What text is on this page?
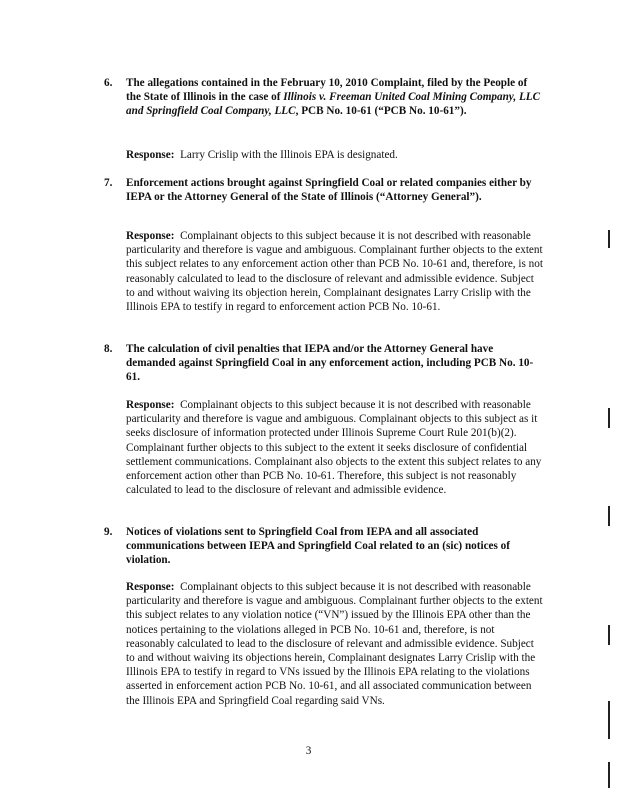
6.	The allegations contained in the February 10, 2010 Complaint, filed by the People of the State of Illinois in the case of Illinois v. Freeman United Coal Mining Company, LLC and Springfield Coal Company, LLC, PCB No. 10-61 (“PCB No. 10-61”).
Response: Larry Crislip with the Illinois EPA is designated.
7.	Enforcement actions brought against Springfield Coal or related companies either by IEPA or the Attorney General of the State of Illinois (“Attorney General”).
Response: Complainant objects to this subject because it is not described with reasonable particularity and therefore is vague and ambiguous. Complainant further objects to the extent this subject relates to any enforcement action other than PCB No. 10-61 and, therefore, is not reasonably calculated to lead to the disclosure of relevant and admissible evidence. Subject to and without waiving its objection herein, Complainant designates Larry Crislip with the Illinois EPA to testify in regard to enforcement action PCB No. 10-61.
8.	The calculation of civil penalties that IEPA and/or the Attorney General have demanded against Springfield Coal in any enforcement action, including PCB No. 10-61.
Response: Complainant objects to this subject because it is not described with reasonable particularity and therefore is vague and ambiguous. Complainant objects to this subject as it seeks disclosure of information protected under Illinois Supreme Court Rule 201(b)(2). Complainant further objects to this subject to the extent it seeks disclosure of confidential settlement communications. Complainant also objects to the extent this subject relates to any enforcement action other than PCB No. 10-61. Therefore, this subject is not reasonably calculated to lead to the disclosure of relevant and admissible evidence.
9.	Notices of violations sent to Springfield Coal from IEPA and all associated communications between IEPA and Springfield Coal related to an (sic) notices of violation.
Response: Complainant objects to this subject because it is not described with reasonable particularity and therefore is vague and ambiguous. Complainant further objects to the extent this subject relates to any violation notice (“VN”) issued by the Illinois EPA other than the notices pertaining to the violations alleged in PCB No. 10-61 and, therefore, is not reasonably calculated to lead to the disclosure of relevant and admissible evidence. Subject to and without waiving its objections herein, Complainant designates Larry Crislip with the Illinois EPA to testify in regard to VNs issued by the Illinois EPA relating to the violations asserted in enforcement action PCB No. 10-61, and all associated communication between the Illinois EPA and Springfield Coal regarding said VNs.
3
